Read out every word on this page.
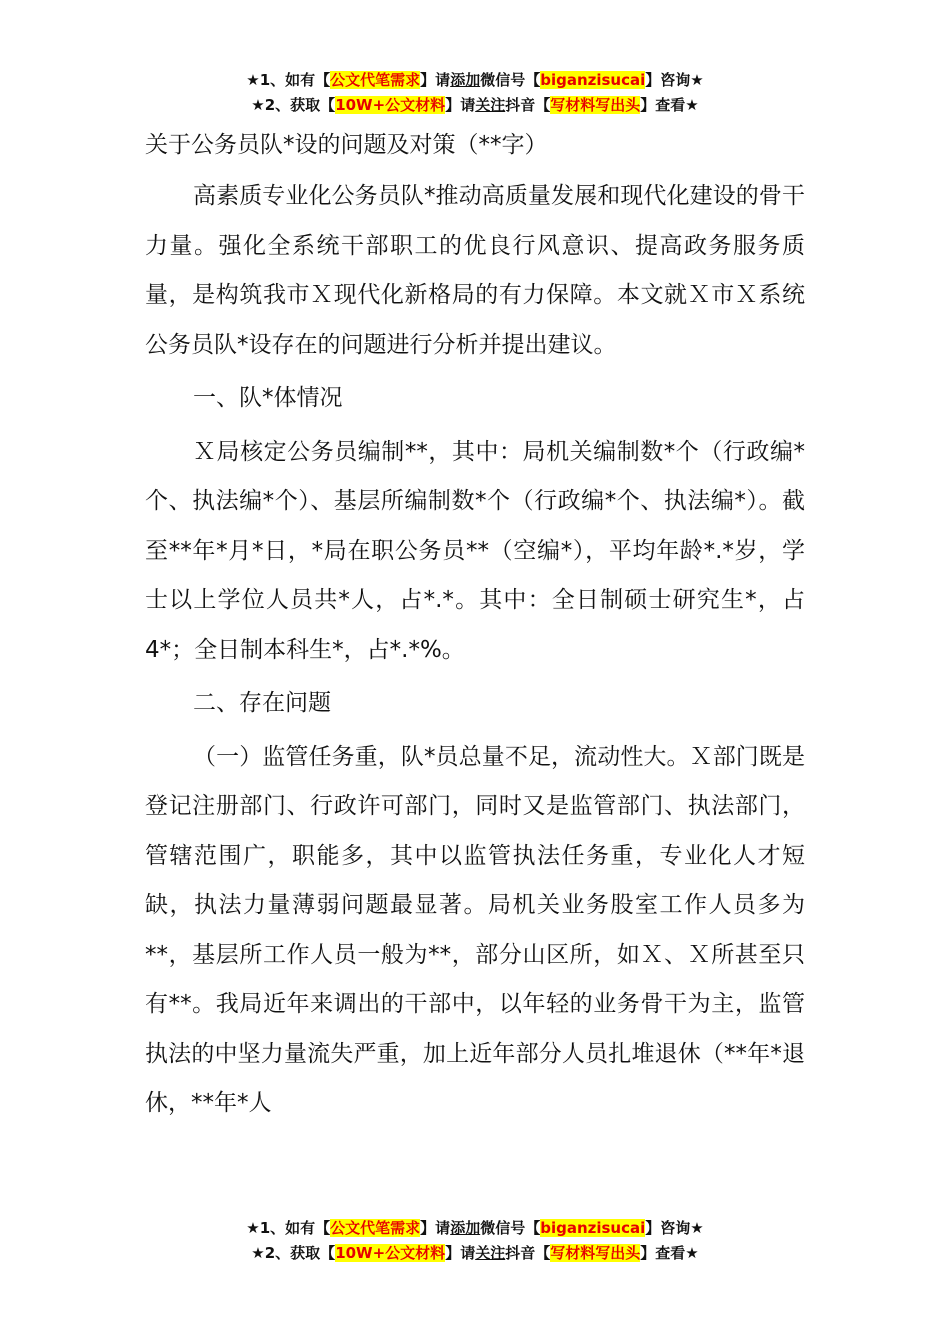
★1、如有【公文代笔需求】请添加微信号【biganzisucai】咨询★
★2、获取【10W+公文材料】请关注抖音【写材料写出头】查看★
关于公务员队*设的问题及对策（**字）

高素质专业化公务员队*推动高质量发展和现代化建设的骨干力量。强化全系统干部职工的优良行风意识、提高政务服务质量，是构筑我市Ｘ现代化新格局的有力保障。本文就Ｘ市Ｘ系统公务员队*设存在的问题进行分析并提出建议。

一、队*体情况

Ｘ局核定公务员编制**，其中：局机关编制数*个（行政编*个、执法编*个）、基层所编制数*个（行政编*个、执法编*）。截至**年*月*日，*局在职公务员**（空编*），平均年龄*.*岁，学士以上学位人员共*人，占*.*。其中：全日制硕士研究生*，占4*；全日制本科生*，占*.*%。

二、存在问题

（一）监管任务重，队*员总量不足，流动性大。Ｘ部门既是登记注册部门、行政许可部门，同时又是监管部门、执法部门，管辖范围广，职能多，其中以监管执法任务重，专业化人才短缺，执法力量薄弱问题最显著。局机关业务股室工作人员多为**，基层所工作人员一般为**，部分山区所，如Ｘ、Ｘ所甚至只有**。我局近年来调出的干部中，以年轻的业务骨干为主，监管执法的中坚力量流失严重，加上近年部分人员扎堆退休（**年*退休，**年*人

★1、如有【公文代笔需求】请添加微信号【biganzisucai】咨询★
★2、获取【10W+公文材料】请关注抖音【写材料写出头】查看★
